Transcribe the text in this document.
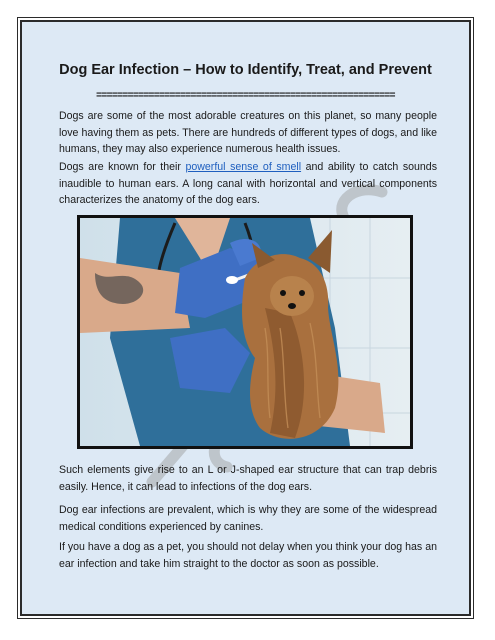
Dog Ear Infection – How to Identify, Treat, and Prevent
=========================================================

Dogs are some of the most adorable creatures on this planet, so many people love having them as pets. There are hundreds of different types of dogs, and like humans, they may also experience numerous health issues.

Dogs are known for their powerful sense of smell and ability to catch sounds inaudible to human ears. A long canal with horizontal and vertical components characterizes the anatomy of the dog ears.

Such elements give rise to an L or J-shaped ear structure that can trap debris easily. Hence, it can lead to infections of the dog ears.

Dog ear infections are prevalent, which is why they are some of the widespread medical conditions experienced by canines.

If you have a dog as a pet, you should not delay when you think your dog has an ear infection and take him straight to the doctor as soon as possible.
